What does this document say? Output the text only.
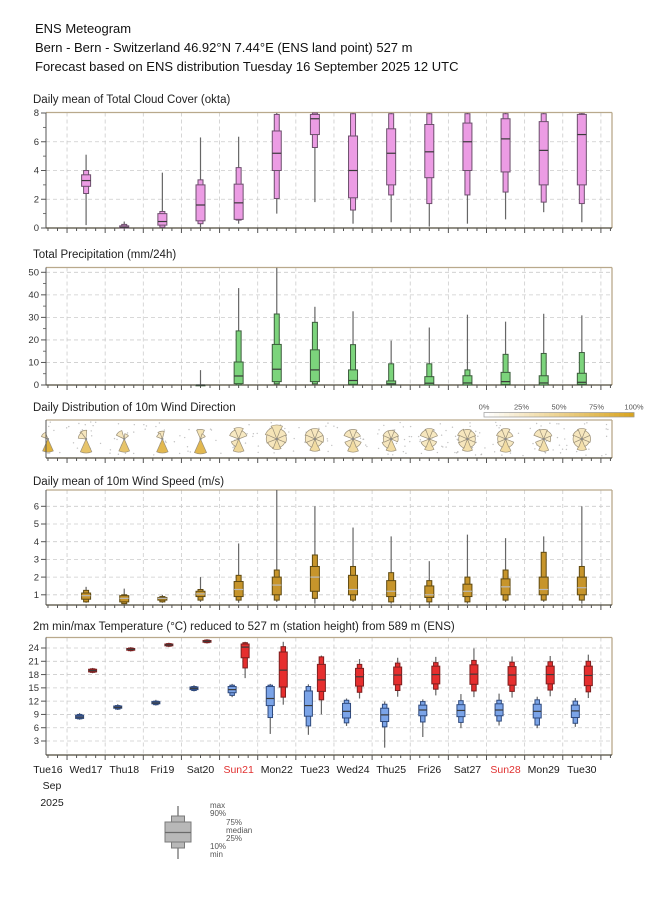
ENS Meteogram
Bern - Bern - Switzerland 46.92°N 7.44°E (ENS land point) 527 m
Forecast based on ENS distribution Tuesday 16 September 2025 12 UTC
Daily mean of Total Cloud Cover (okta)
Total Precipitation (mm/24h)
Daily Distribution of 10m Wind Direction
Daily mean of 10m Wind Speed (m/s)
2m min/max Temperature (°C) reduced to 527 m (station height) from 589 m (ENS)
max
90%
75%
median
25%
10%
min
0
2
4
6
8
0
10
20
30
40
50
0%	25%	50%	75%	100%
1
2
3
4
5
6
3
6
9
12
15
18
21
24
Tue16 Wed17 Thu18 Fri19 Sat20 Sun21 Mon22 Tue23 Wed24 Thu25 Fri26 Sat27 Sun28 Mon29 Tue30
Sep
2025
